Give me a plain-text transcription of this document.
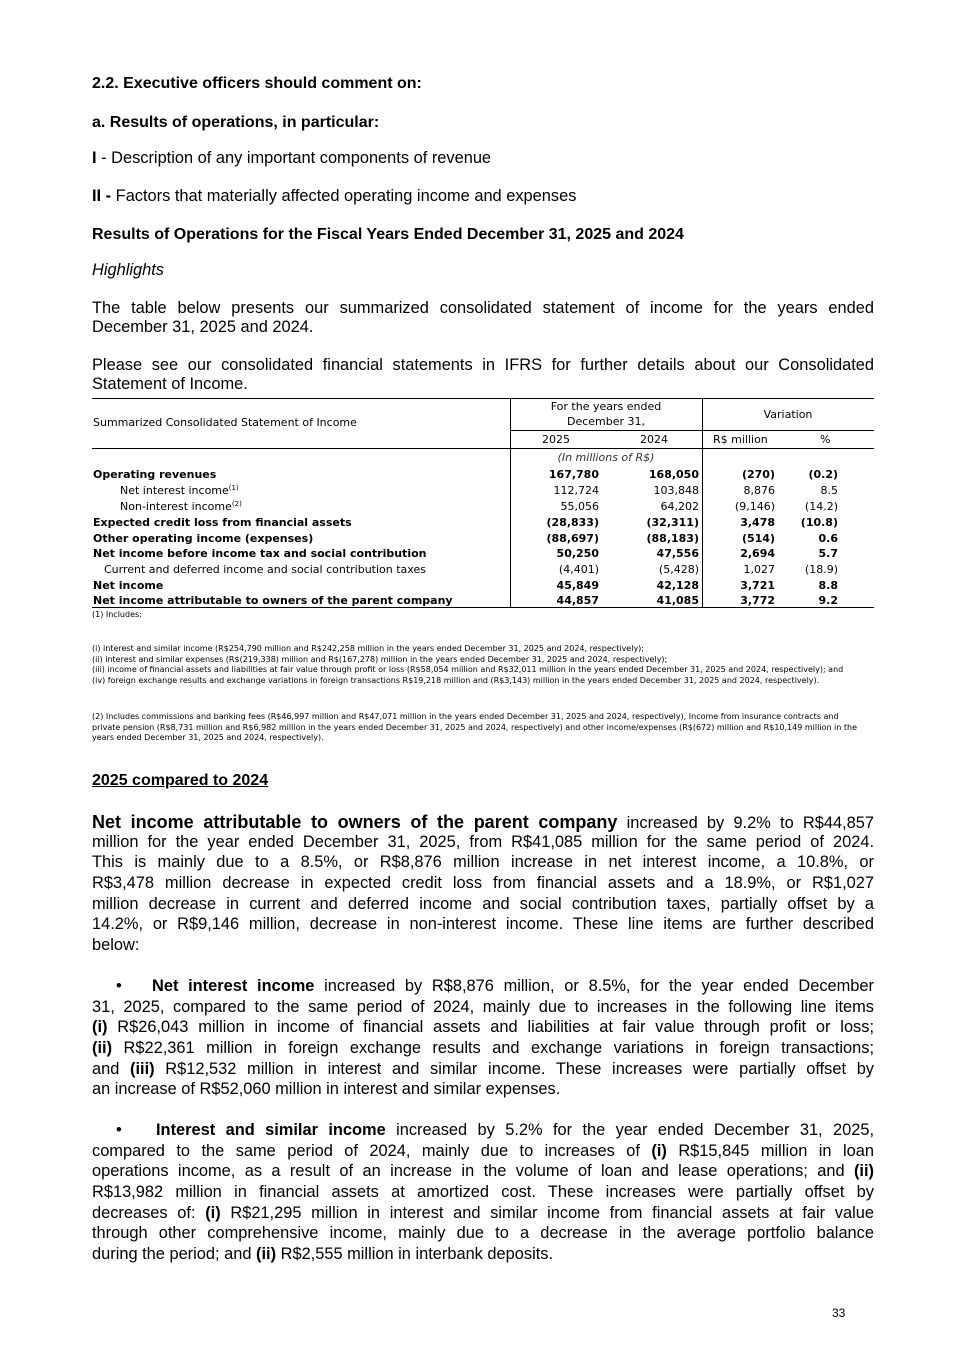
2.2. Executive officers should comment on:
a. Results of operations, in particular:
I - Description of any important components of revenue
II - Factors that materially affected operating income and expenses
Results of Operations for the Fiscal Years Ended December 31, 2025 and 2024
Highlights
The table below presents our summarized consolidated statement of income for the years ended
December 31, 2025 and 2024.
Please see our consolidated financial statements in IFRS for further details about our Consolidated
Statement of Income.
Summarized Consolidated Statement of Income
For the years ended
December 31,
Variation
2025	2024	R$ million	%
(In millions of R$)
Operating revenues	167,780	168,050	(270)	(0.2)
Net interest income$^{(1)}$	112,724	103,848	8,876	8.5
Non-interest income$^{(2)}$	55,056	64,202	(9,146)	(14.2)
Expected credit loss from financial assets	(28,833)	(32,311)	3,478	(10.8)
Other operating income (expenses)	(88,697)	(88,183)	(514)	0.6
Net income before income tax and social contribution	50,250	47,556	2,694	5.7
Current and deferred income and social contribution taxes	(4,401)	(5,428)	1,027	(18.9)
Net income	45,849	42,128	3,721	8.8
Net income attributable to owners of the parent company	44,857	41,085	3,772	9.2
(1) Includes:
(i) interest and similar income (R$254,790 million and R$242,258 million in the years ended December 31, 2025 and 2024, respectively);
(ii) interest and similar expenses (R$(219,338) million and R$(167,278) million in the years ended December 31, 2025 and 2024, respectively);
(iii) income of financial assets and liabilities at fair value through profit or loss (R$58,054 million and R$32,011 million in the years ended December 31, 2025 and 2024, respectively); and
(iv) foreign exchange results and exchange variations in foreign transactions R$19,218 million and (R$3,143) million in the years ended December 31, 2025 and 2024, respectively).
(2) Includes commissions and banking fees (R$46,997 million and R$47,071 million in the years ended December 31, 2025 and 2024, respectively), Income from insurance contracts and
private pension (R$8,731 million and R$6,982 million in the years ended December 31, 2025 and 2024, respectively) and other income/expenses (R$(672) million and R$10,149 million in the
years ended December 31, 2025 and 2024, respectively).
2025 compared to 2024
Net income attributable to owners of the parent company increased by 9.2% to R$44,857
million for the year ended December 31, 2025, from R$41,085 million for the same period of 2024.
This is mainly due to a 8.5%, or R$8,876 million increase in net interest income, a 10.8%, or
R$3,478 million decrease in expected credit loss from financial assets and a 18.9%, or R$1,027
million decrease in current and deferred income and social contribution taxes, partially offset by a
14.2%, or R$9,146 million, decrease in non-interest income. These line items are further described
below:
• Net interest income increased by R$8,876 million, or 8.5%, for the year ended December
31, 2025, compared to the same period of 2024, mainly due to increases in the following line items
(i) R$26,043 million in income of financial assets and liabilities at fair value through profit or loss;
(ii) R$22,361 million in foreign exchange results and exchange variations in foreign transactions;
and (iii) R$12,532 million in interest and similar income. These increases were partially offset by
an increase of R$52,060 million in interest and similar expenses.
• Interest and similar income increased by 5.2% for the year ended December 31, 2025,
compared to the same period of 2024, mainly due to increases of (i) R$15,845 million in loan
operations income, as a result of an increase in the volume of loan and lease operations; and (ii)
R$13,982 million in financial assets at amortized cost. These increases were partially offset by
decreases of: (i) R$21,295 million in interest and similar income from financial assets at fair value
through other comprehensive income, mainly due to a decrease in the average portfolio balance
during the period; and (ii) R$2,555 million in interbank deposits.
33
